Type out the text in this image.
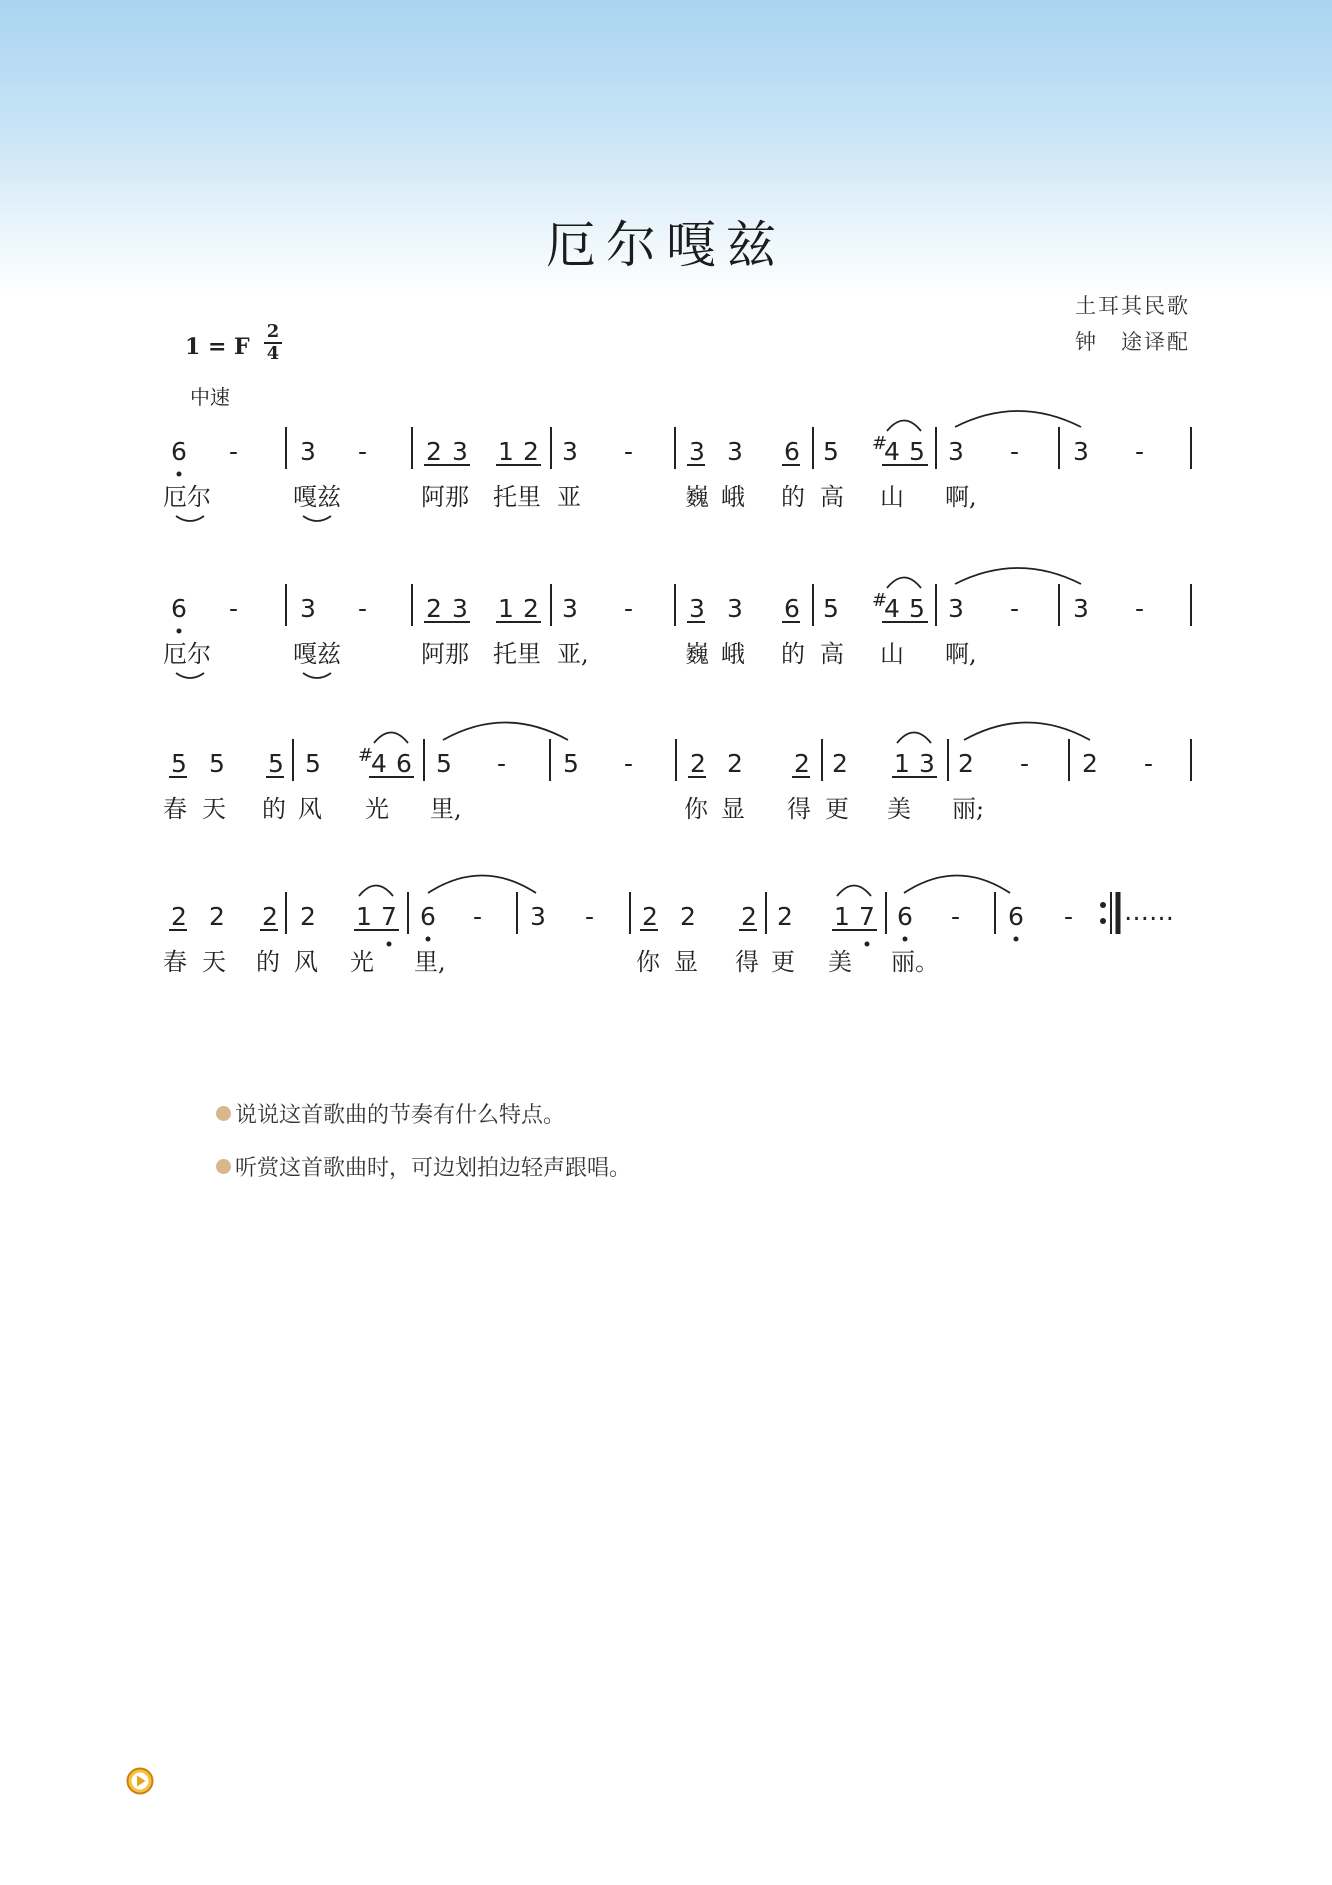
厄尔嘎兹
土耳其民歌
钟　途译配
1 = F
2
4
中速
6 - 3 - 2 3 1 2 3 - 3 3 6 5 #
4 5 3 - 3 -
厄尔	嘎兹	阿那 托里 亚	巍 峨 的 高 山 啊,
6 - 3 - 2 3 1 2 3 - 3 3 6 5 #
4 5 3 - 3 -
厄尔	嘎兹	阿那 托里 亚,	巍 峨 的 高 山 啊,
5 5 5 5 #
4 6 5 - 5 - 2 2 2 2 1 3 2 - 2 -
春 天 的 风 光 里,	你 显 得 更 美 丽;
2 2 2 2 1 7 6 - 3 - 2 2 2 2 1 7 6 - 6 - ……
春 天 的 风 光 里,	你 显 得 更 美 丽。
说说这首歌曲的节奏有什么特点。
听赏这首歌曲时，可边划拍边轻声跟唱。
